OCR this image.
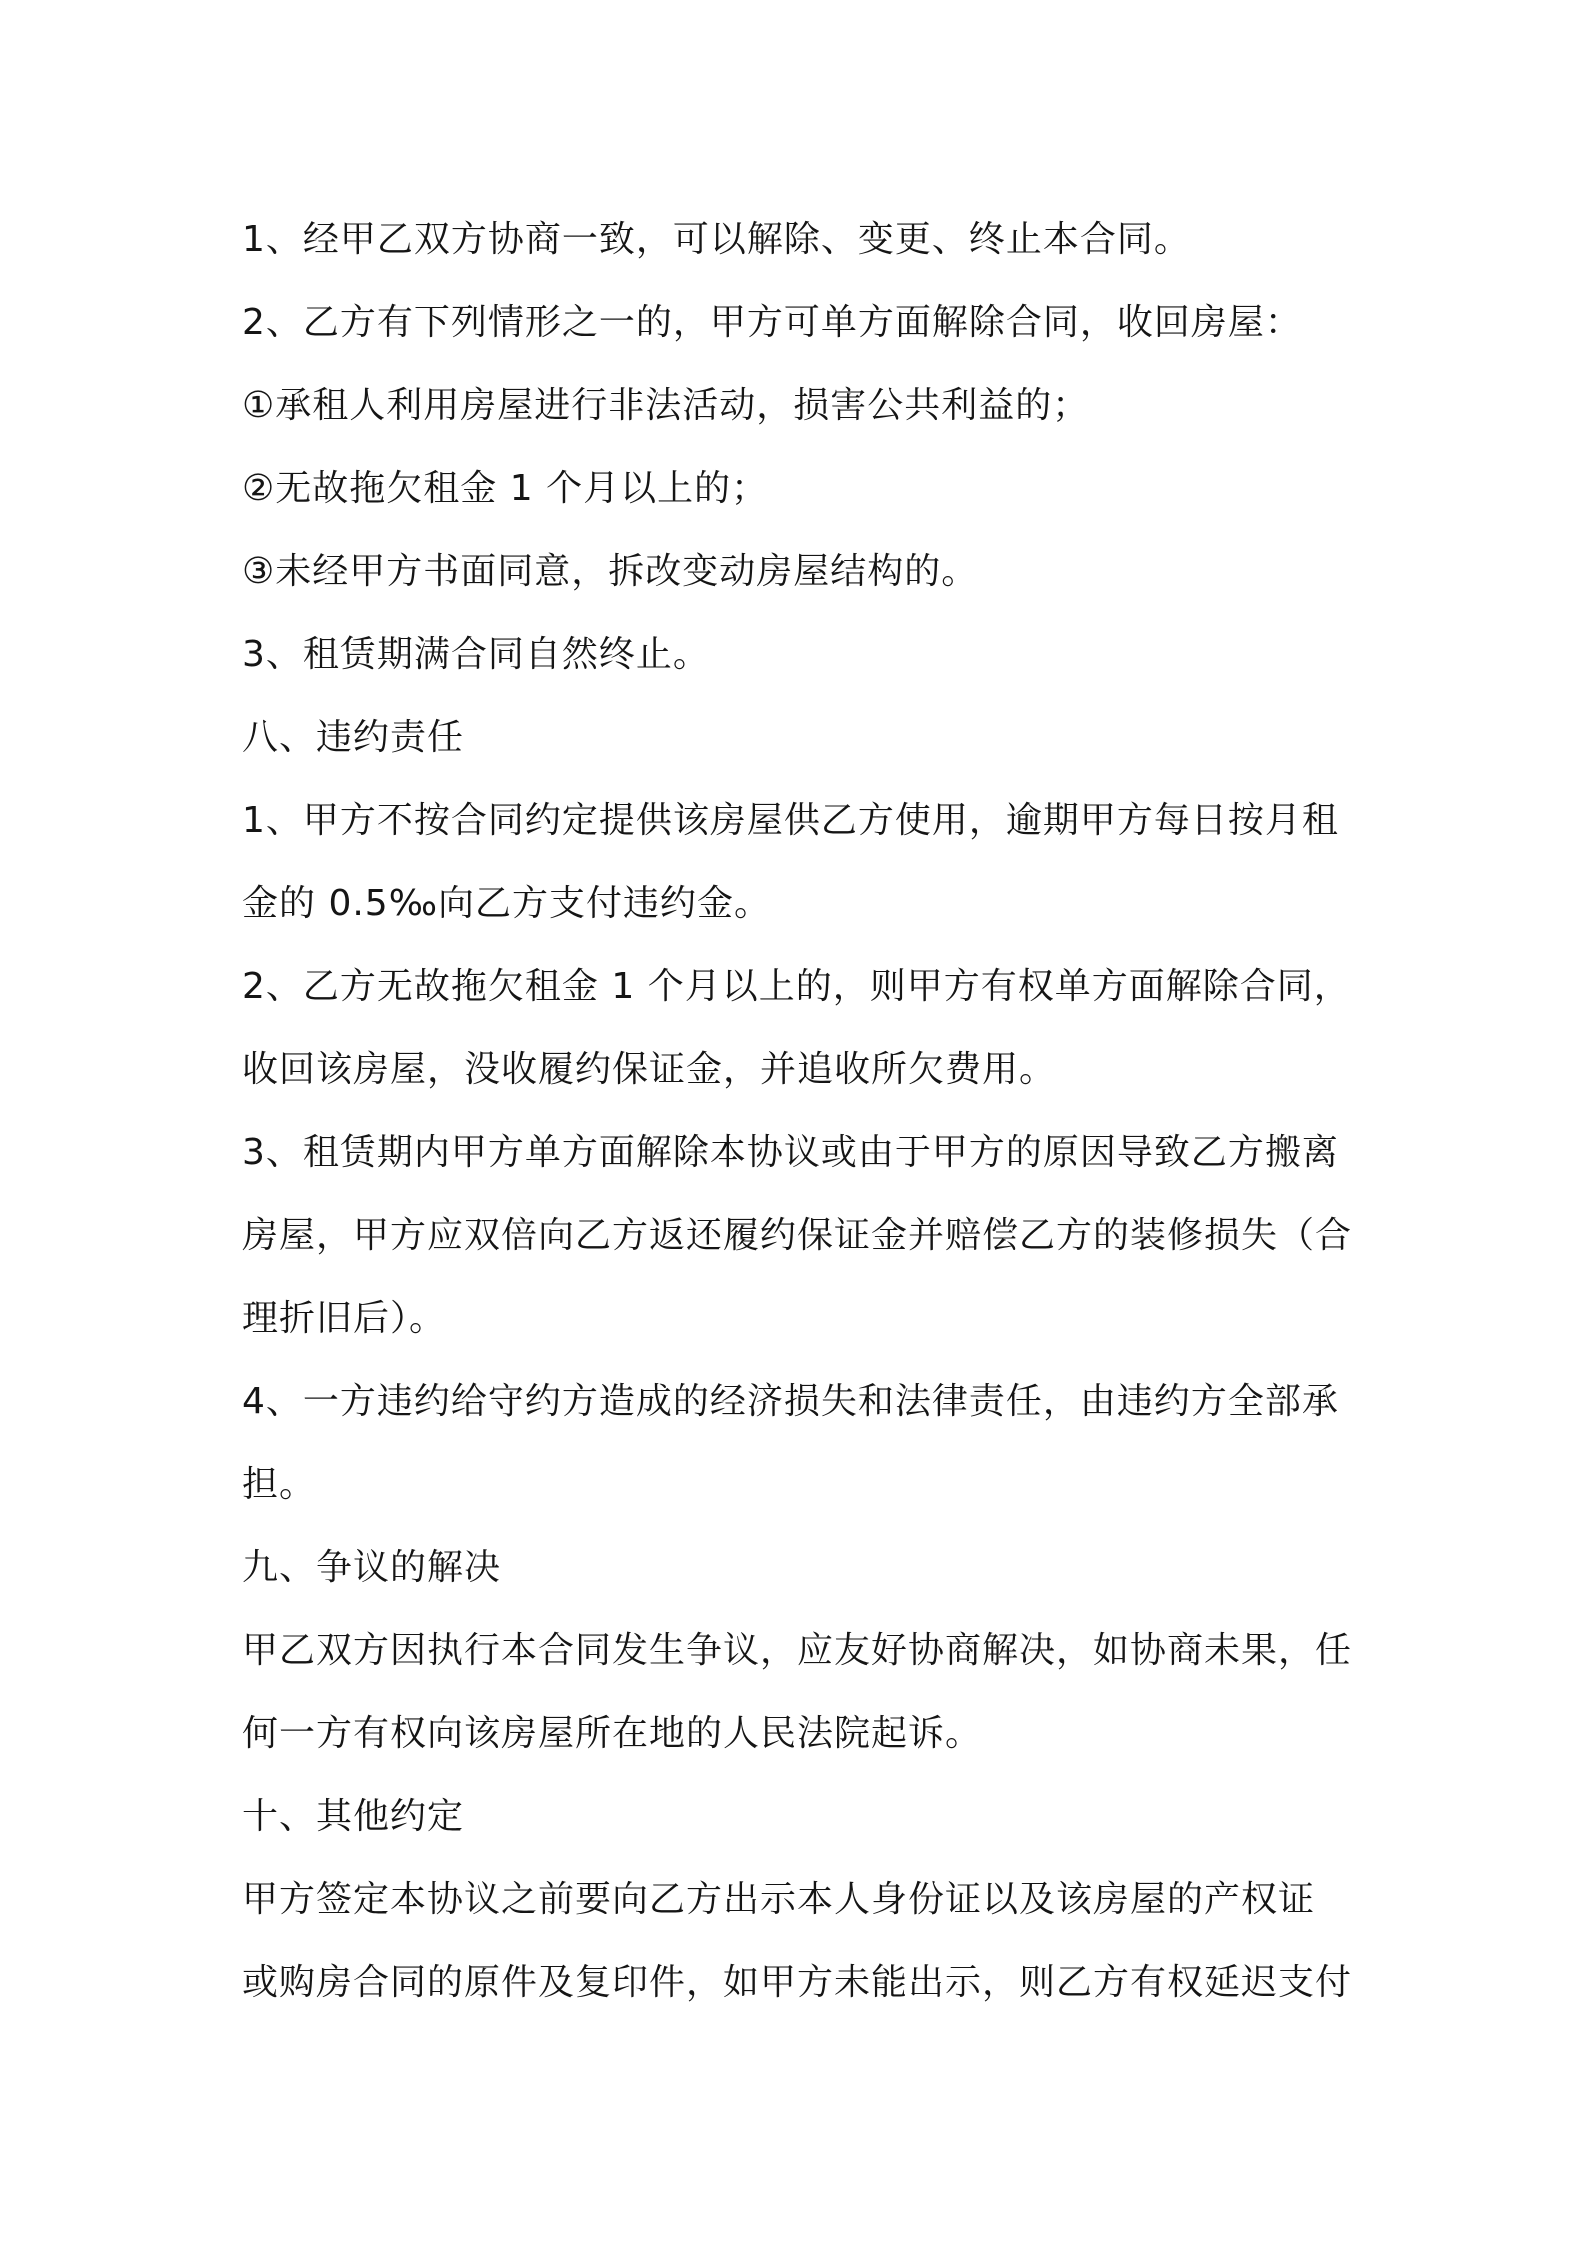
1、经甲乙双方协商一致，可以解除、变更、终止本合同。
2、乙方有下列情形之一的，甲方可单方面解除合同，收回房屋：
①承租人利用房屋进行非法活动，损害公共利益的；
②无故拖欠租金 1 个月以上的；
③未经甲方书面同意，拆改变动房屋结构的。
3、租赁期满合同自然终止。
八、违约责任
1、甲方不按合同约定提供该房屋供乙方使用，逾期甲方每日按月租
金的 0.5‰向乙方支付违约金。
2、乙方无故拖欠租金 1 个月以上的，则甲方有权单方面解除合同，
收回该房屋，没收履约保证金，并追收所欠费用。
3、租赁期内甲方单方面解除本协议或由于甲方的原因导致乙方搬离
房屋，甲方应双倍向乙方返还履约保证金并赔偿乙方的装修损失（合
理折旧后）。
4、一方违约给守约方造成的经济损失和法律责任，由违约方全部承
担。
九、争议的解决
甲乙双方因执行本合同发生争议，应友好协商解决，如协商未果，任
何一方有权向该房屋所在地的人民法院起诉。
十、其他约定
甲方签定本协议之前要向乙方出示本人身份证以及该房屋的产权证
或购房合同的原件及复印件，如甲方未能出示，则乙方有权延迟支付
